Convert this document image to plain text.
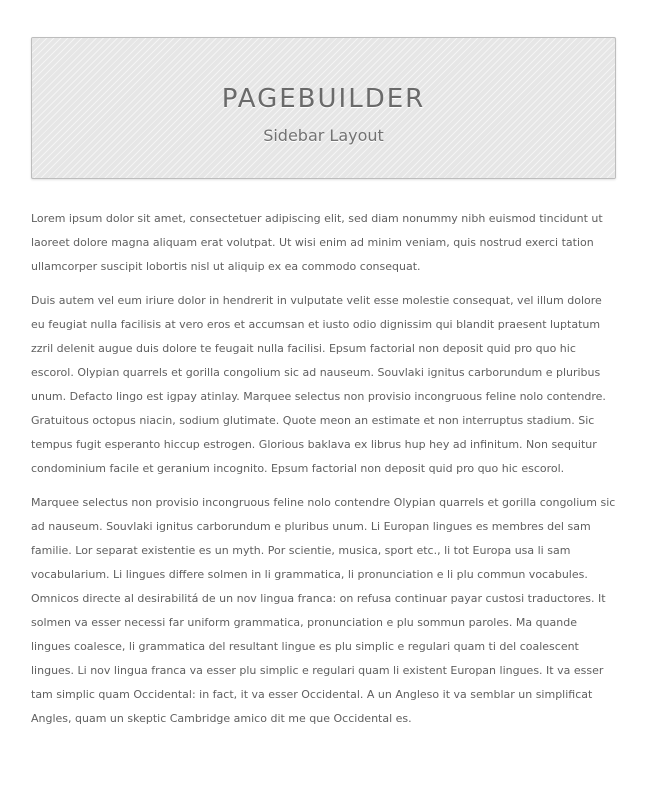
PAGEBUILDER
Sidebar Layout

Lorem ipsum dolor sit amet, consectetuer adipiscing elit, sed diam nonummy nibh euismod tincidunt ut laoreet dolore magna aliquam erat volutpat. Ut wisi enim ad minim veniam, quis nostrud exerci tation ullamcorper suscipit lobortis nisl ut aliquip ex ea commodo consequat.

Duis autem vel eum iriure dolor in hendrerit in vulputate velit esse molestie consequat, vel illum dolore eu feugiat nulla facilisis at vero eros et accumsan et iusto odio dignissim qui blandit praesent luptatum zzril delenit augue duis dolore te feugait nulla facilisi. Epsum factorial non deposit quid pro quo hic escorol. Olypian quarrels et gorilla congolium sic ad nauseum. Souvlaki ignitus carborundum e pluribus unum. Defacto lingo est igpay atinlay. Marquee selectus non provisio incongruous feline nolo contendre. Gratuitous octopus niacin, sodium glutimate. Quote meon an estimate et non interruptus stadium. Sic tempus fugit esperanto hiccup estrogen. Glorious baklava ex librus hup hey ad infinitum. Non sequitur condominium facile et geranium incognito. Epsum factorial non deposit quid pro quo hic escorol.

Marquee selectus non provisio incongruous feline nolo contendre Olypian quarrels et gorilla congolium sic ad nauseum. Souvlaki ignitus carborundum e pluribus unum. Li Europan lingues es membres del sam familie. Lor separat existentie es un myth. Por scientie, musica, sport etc., li tot Europa usa li sam vocabularium. Li lingues differe solmen in li grammatica, li pronunciation e li plu commun vocabules. Omnicos directe al desirabilitá de un nov lingua franca: on refusa continuar payar custosi traductores. It solmen va esser necessi far uniform grammatica, pronunciation e plu sommun paroles. Ma quande lingues coalesce, li grammatica del resultant lingue es plu simplic e regulari quam ti del coalescent lingues. Li nov lingua franca va esser plu simplic e regulari quam li existent Europan lingues. It va esser tam simplic quam Occidental: in fact, it va esser Occidental. A un Angleso it va semblar un simplificat Angles, quam un skeptic Cambridge amico dit me que Occidental es.
